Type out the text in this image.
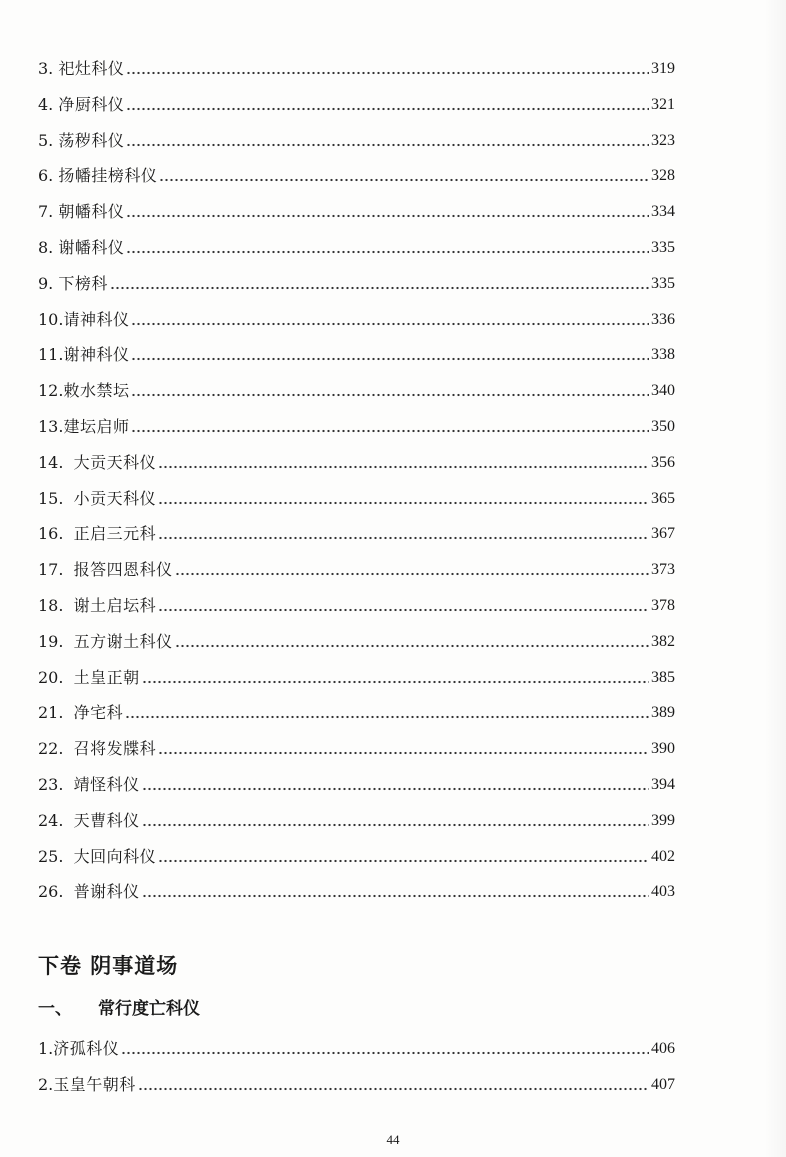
3. 祀灶科仪	319
4. 净厨科仪	321
5. 荡秽科仪	323
6. 扬幡挂榜科仪	328
7. 朝幡科仪	334
8. 谢幡科仪	335
9. 下榜科	335
10. 请神科仪	336
11. 谢神科仪	338
12. 敕水禁坛	340
13. 建坛启师	350
14. 大贡天科仪	356
15. 小贡天科仪	365
16. 正启三元科	367
17. 报答四恩科仪	373
18. 谢土启坛科	378
19. 五方谢土科仪	382
20. 土皇正朝	385
21. 净宅科	389
22. 召将发牒科	390
23. 靖怪科仪	394
24. 天曹科仪	399
25. 大回向科仪	402
26. 普谢科仪	403
下卷 阴事道场
一、 常行度亡科仪
1. 济孤科仪	406
2. 玉皇午朝科	407
44
